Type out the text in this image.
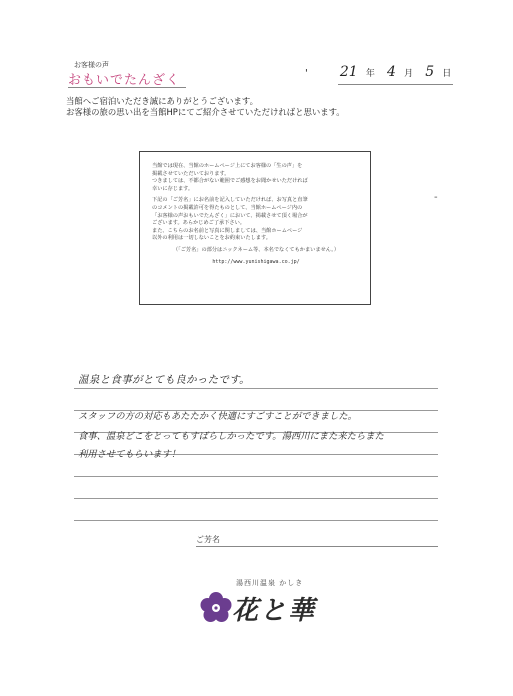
お客様の声
おもいでたんざく	' 21 年 4 月 5 日
当館へご宿泊いただき誠にありがとうございます。
お客様の旅の思い出を当館HPにてご紹介させていただければと思います。
当館では現在、当館のホームページ上にてお客様の「生の声」を
掲載させていただいております。
つきましては、不都合がない範囲でご感想をお聞かせいただければ
幸いに存じます。
下記の「ご芳名」にお名前を記入していただければ、お写真と直筆
のコメントの掲載許可を得たものとして、当館ホームページ内の
「お客様の声おもいでたんざく」において、掲載させて頂く場合が
ございます。あらかじめご了承下さい。
また、こちらのお名前と写真に関しましては、当館ホームページ
以外の利用は一切しないことをお約束いたします。
（「ご芳名」の部分はニックネーム等、本名でなくてもかまいません。）
http://www.yunishigawa.co.jp/
-
温泉と食事がとても良かったです。
スタッフの方の対応もあたたかく快適にすごすことができました。
食事、温泉どこをとってもすばらしかったです。湯西川にまた来たらまた
利用させてもらいます！
ご芳名
湯西川温泉 かしき
花と華
